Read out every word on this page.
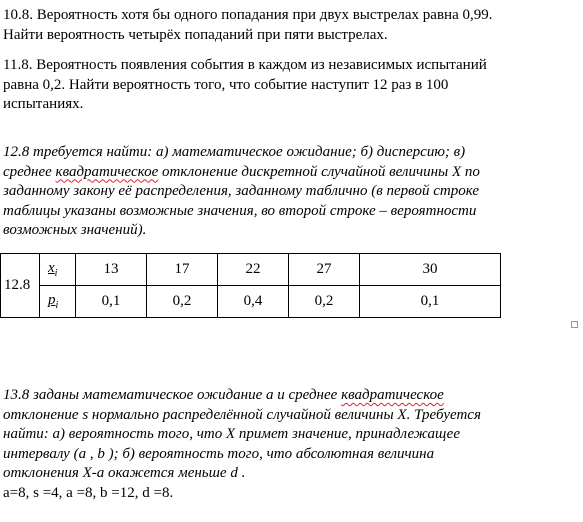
10.8. Вероятность хотя бы одного попадания при двух выстрелах равна 0,99.
Найти вероятность четырёх попаданий при пяти выстрелах.
11.8. Вероятность появления события в каждом из независимых испытаний
равна 0,2. Найти вероятность того, что событие наступит 12 раз в 100
испытаниях.
12.8 требуется найти: а) математическое ожидание; б) дисперсию; в)
среднее квадратическое отклонение дискретной случайной величины X по
заданному закону её распределения, заданному таблично (в первой строке
таблицы указаны возможные значения, во второй строке – вероятности
возможных значений).
12.8	$x_i$	13	17	22	27	30
	$p_i$	0,1	0,2	0,4	0,2	0,1
13.8 заданы математическое ожидание a и среднее квадратическое
отклонение s нормально распределённой случайной величины X. Требуется
найти: а) вероятность того, что X примет значение, принадлежащее
интервалу (a , b ); б) вероятность того, что абсолютная величина
отклонения X-a окажется меньше d .
a=8, s =4, a =8, b =12, d =8.
